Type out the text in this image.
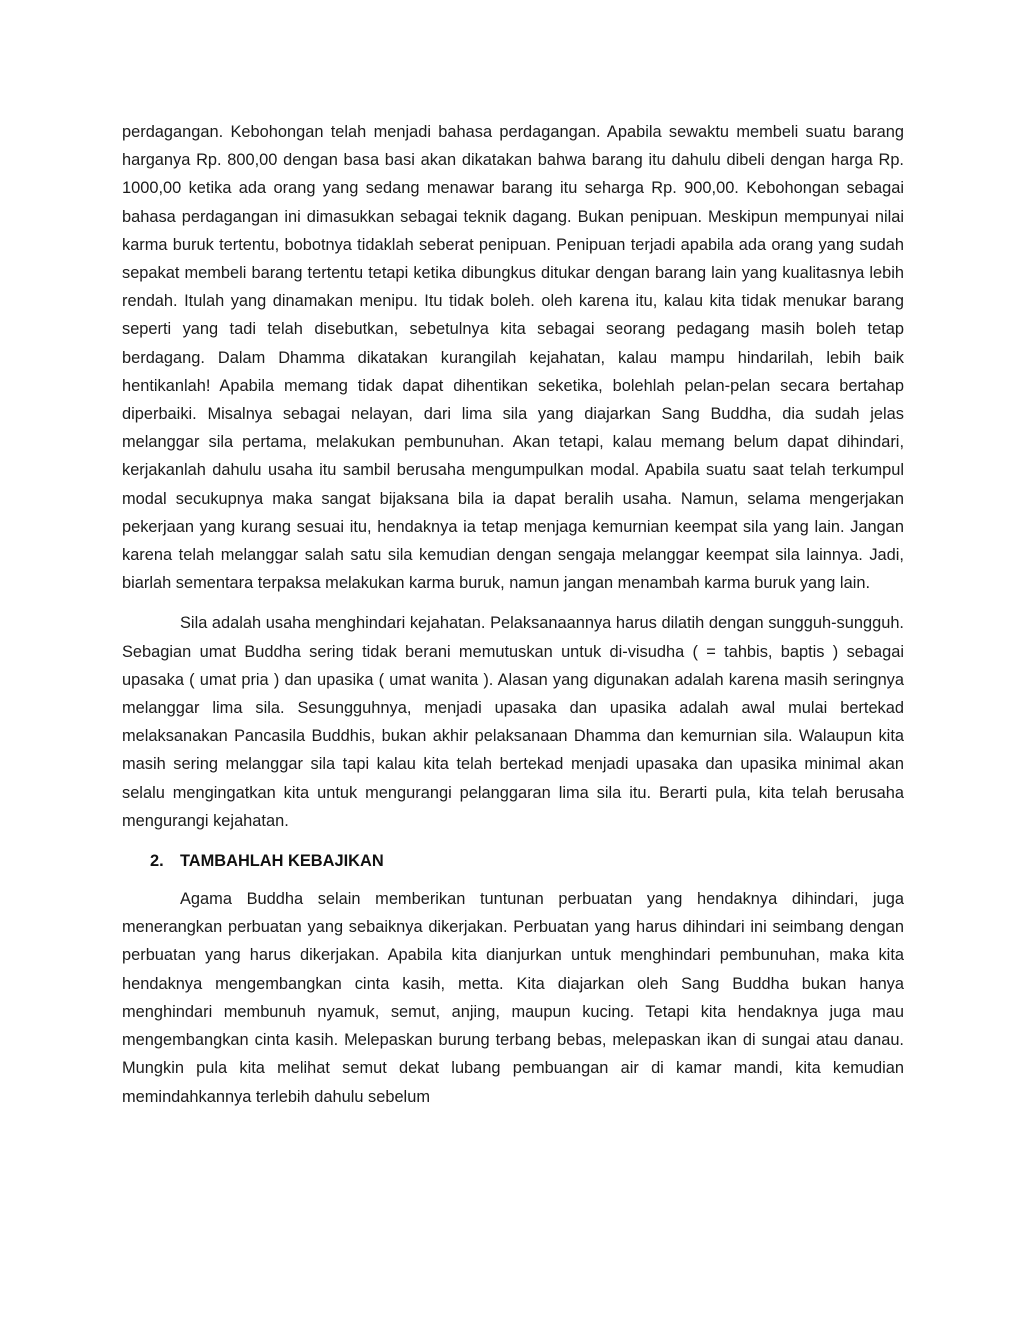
perdagangan. Kebohongan telah menjadi bahasa perdagangan. Apabila sewaktu membeli suatu barang harganya Rp. 800,00 dengan basa basi akan dikatakan bahwa barang itu dahulu dibeli dengan harga Rp. 1000,00 ketika ada orang yang sedang menawar barang itu seharga Rp. 900,00. Kebohongan sebagai bahasa perdagangan ini dimasukkan sebagai teknik dagang. Bukan penipuan. Meskipun mempunyai nilai karma buruk tertentu, bobotnya tidaklah seberat penipuan. Penipuan terjadi apabila ada orang yang sudah sepakat membeli barang tertentu tetapi ketika dibungkus ditukar dengan barang lain yang kualitasnya lebih rendah. Itulah yang dinamakan menipu. Itu tidak boleh. oleh karena itu, kalau kita tidak menukar barang seperti yang tadi telah disebutkan, sebetulnya kita sebagai seorang pedagang masih boleh tetap berdagang. Dalam Dhamma dikatakan kurangilah kejahatan, kalau mampu hindarilah, lebih baik hentikanlah! Apabila memang tidak dapat dihentikan seketika, bolehlah pelan-pelan secara bertahap diperbaiki. Misalnya sebagai nelayan, dari lima sila yang diajarkan Sang Buddha, dia sudah jelas melanggar sila pertama, melakukan pembunuhan. Akan tetapi, kalau memang belum dapat dihindari, kerjakanlah dahulu usaha itu sambil berusaha mengumpulkan modal. Apabila suatu saat telah terkumpul modal secukupnya maka sangat bijaksana bila ia dapat beralih usaha. Namun, selama mengerjakan pekerjaan yang kurang sesuai itu, hendaknya ia tetap menjaga kemurnian keempat sila yang lain. Jangan karena telah melanggar salah satu sila kemudian dengan sengaja melanggar keempat sila lainnya. Jadi, biarlah sementara terpaksa melakukan karma buruk, namun jangan menambah karma buruk yang lain.

Sila adalah usaha menghindari kejahatan. Pelaksanaannya harus dilatih dengan sungguh-sungguh. Sebagian umat Buddha sering tidak berani memutuskan untuk di-visudha ( = tahbis, baptis ) sebagai upasaka ( umat pria ) dan upasika ( umat wanita ). Alasan yang digunakan adalah karena masih seringnya melanggar lima sila. Sesungguhnya, menjadi upasaka dan upasika adalah awal mulai bertekad melaksanakan Pancasila Buddhis, bukan akhir pelaksanaan Dhamma dan kemurnian sila. Walaupun kita masih sering melanggar sila tapi kalau kita telah bertekad menjadi upasaka dan upasika minimal akan selalu mengingatkan kita untuk mengurangi pelanggaran lima sila itu. Berarti pula, kita telah berusaha mengurangi kejahatan.

2. TAMBAHLAH KEBAJIKAN

Agama Buddha selain memberikan tuntunan perbuatan yang hendaknya dihindari, juga menerangkan perbuatan yang sebaiknya dikerjakan. Perbuatan yang harus dihindari ini seimbang dengan perbuatan yang harus dikerjakan. Apabila kita dianjurkan untuk menghindari pembunuhan, maka kita hendaknya mengembangkan cinta kasih, metta. Kita diajarkan oleh Sang Buddha bukan hanya menghindari membunuh nyamuk, semut, anjing, maupun kucing. Tetapi kita hendaknya juga mau mengembangkan cinta kasih. Melepaskan burung terbang bebas, melepaskan ikan di sungai atau danau. Mungkin pula kita melihat semut dekat lubang pembuangan air di kamar mandi, kita kemudian memindahkannya terlebih dahulu sebelum
